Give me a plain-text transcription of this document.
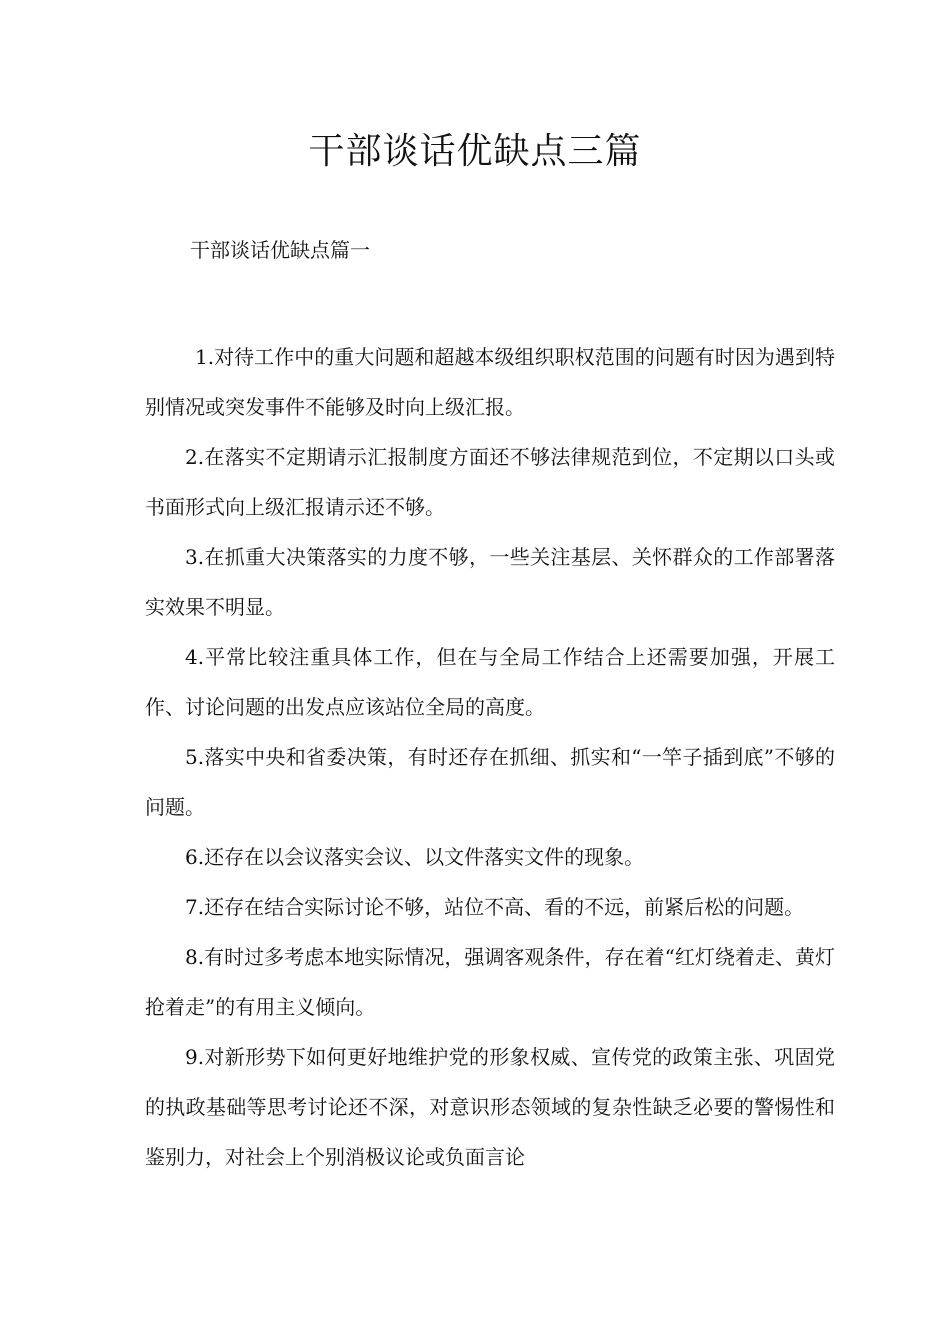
干部谈话优缺点三篇
干部谈话优缺点篇一

1.对待工作中的重大问题和超越本级组织职权范围的问题有时因为遇到特别情况或突发事件不能够及时向上级汇报。

2.在落实不定期请示汇报制度方面还不够法律规范到位，不定期以口头或书面形式向上级汇报请示还不够。

3.在抓重大决策落实的力度不够，一些关注基层、关怀群众的工作部署落实效果不明显。

4.平常比较注重具体工作，但在与全局工作结合上还需要加强，开展工作、讨论问题的出发点应该站位全局的高度。

5.落实中央和省委决策，有时还存在抓细、抓实和“一竿子插到底”不够的问题。

6.还存在以会议落实会议、以文件落实文件的现象。

7.还存在结合实际讨论不够，站位不高、看的不远，前紧后松的问题。

8.有时过多考虑本地实际情况，强调客观条件，存在着“红灯绕着走、黄灯抢着走”的有用主义倾向。

9.对新形势下如何更好地维护党的形象权威、宣传党的政策主张、巩固党的执政基础等思考讨论还不深，对意识形态领域的复杂性缺乏必要的警惕性和鉴别力，对社会上个别消极议论或负面言论
